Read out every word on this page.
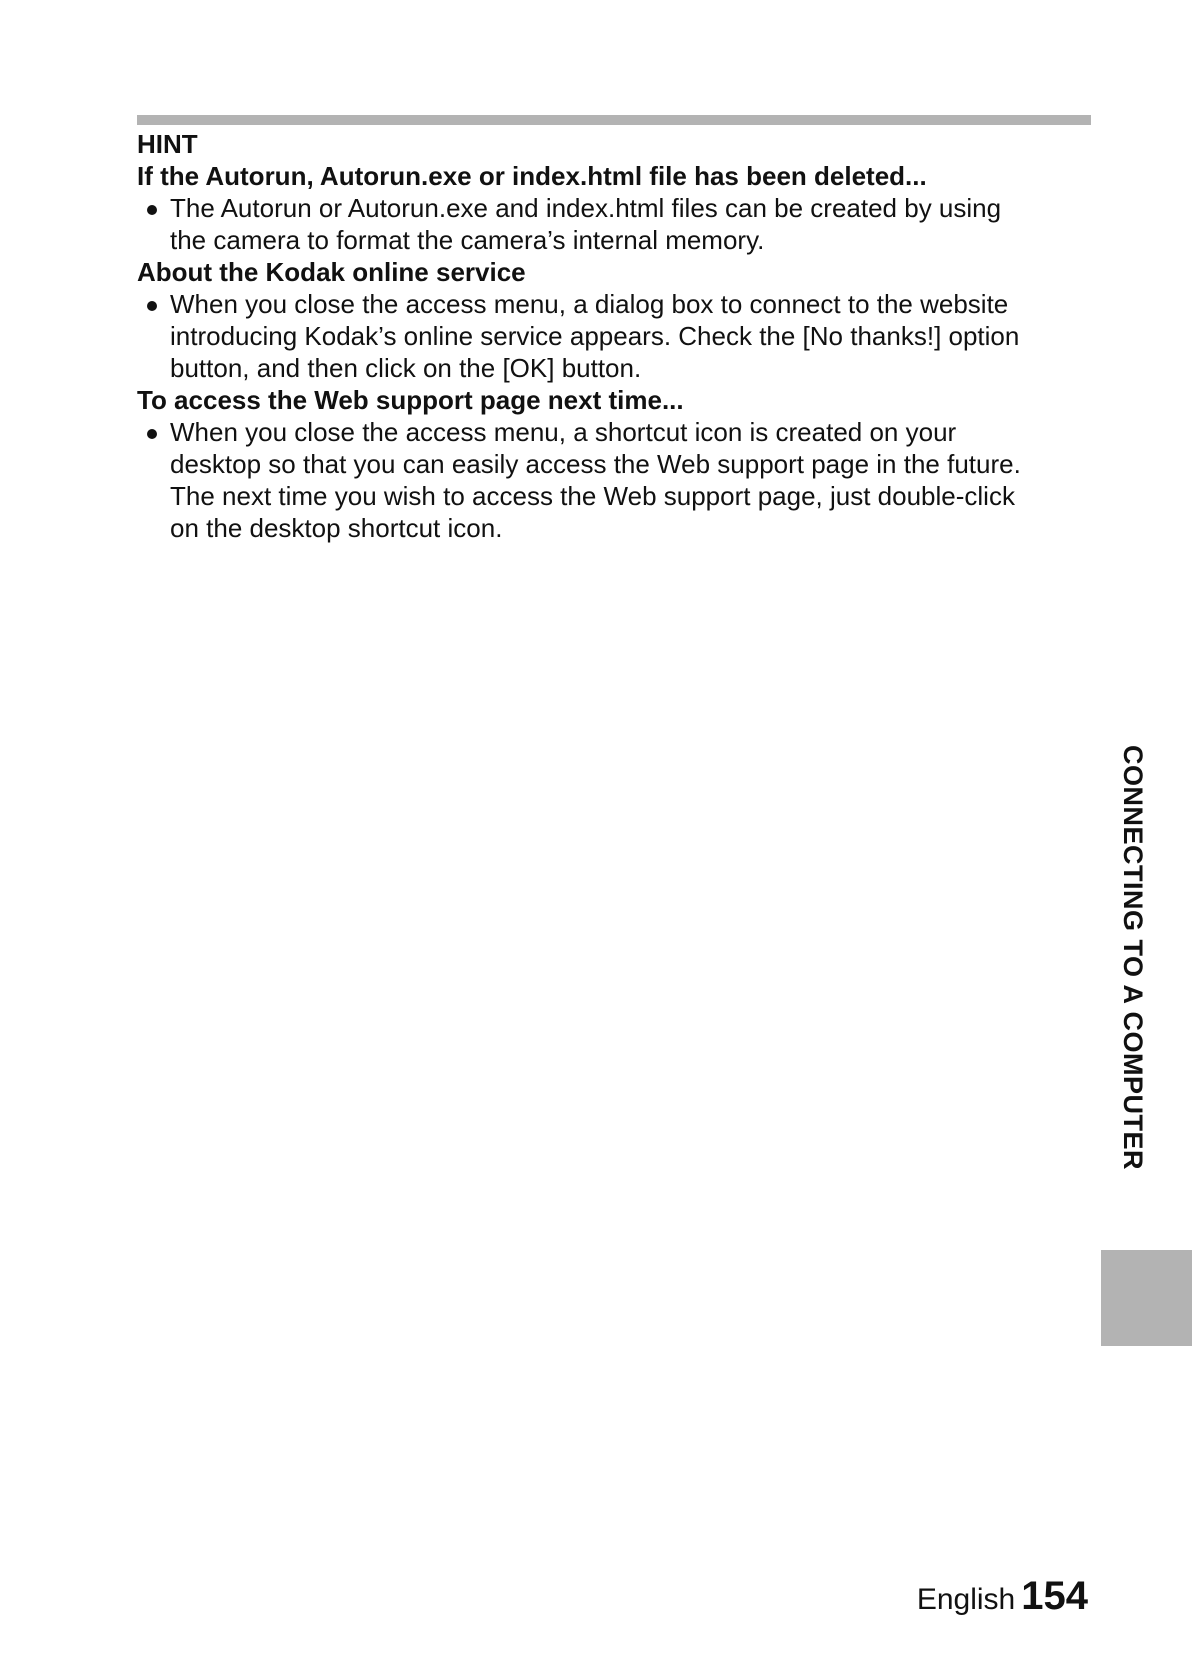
HINT
If the Autorun, Autorun.exe or index.html file has been deleted...
The Autorun or Autorun.exe and index.html files can be created by using
the camera to format the camera’s internal memory.
About the Kodak online service
When you close the access menu, a dialog box to connect to the website
introducing Kodak’s online service appears. Check the [No thanks!] option
button, and then click on the [OK] button.
To access the Web support page next time...
When you close the access menu, a shortcut icon is created on your
desktop so that you can easily access the Web support page in the future.
The next time you wish to access the Web support page, just double-click
on the desktop shortcut icon.
CONNECTING TO A COMPUTER
English 154
